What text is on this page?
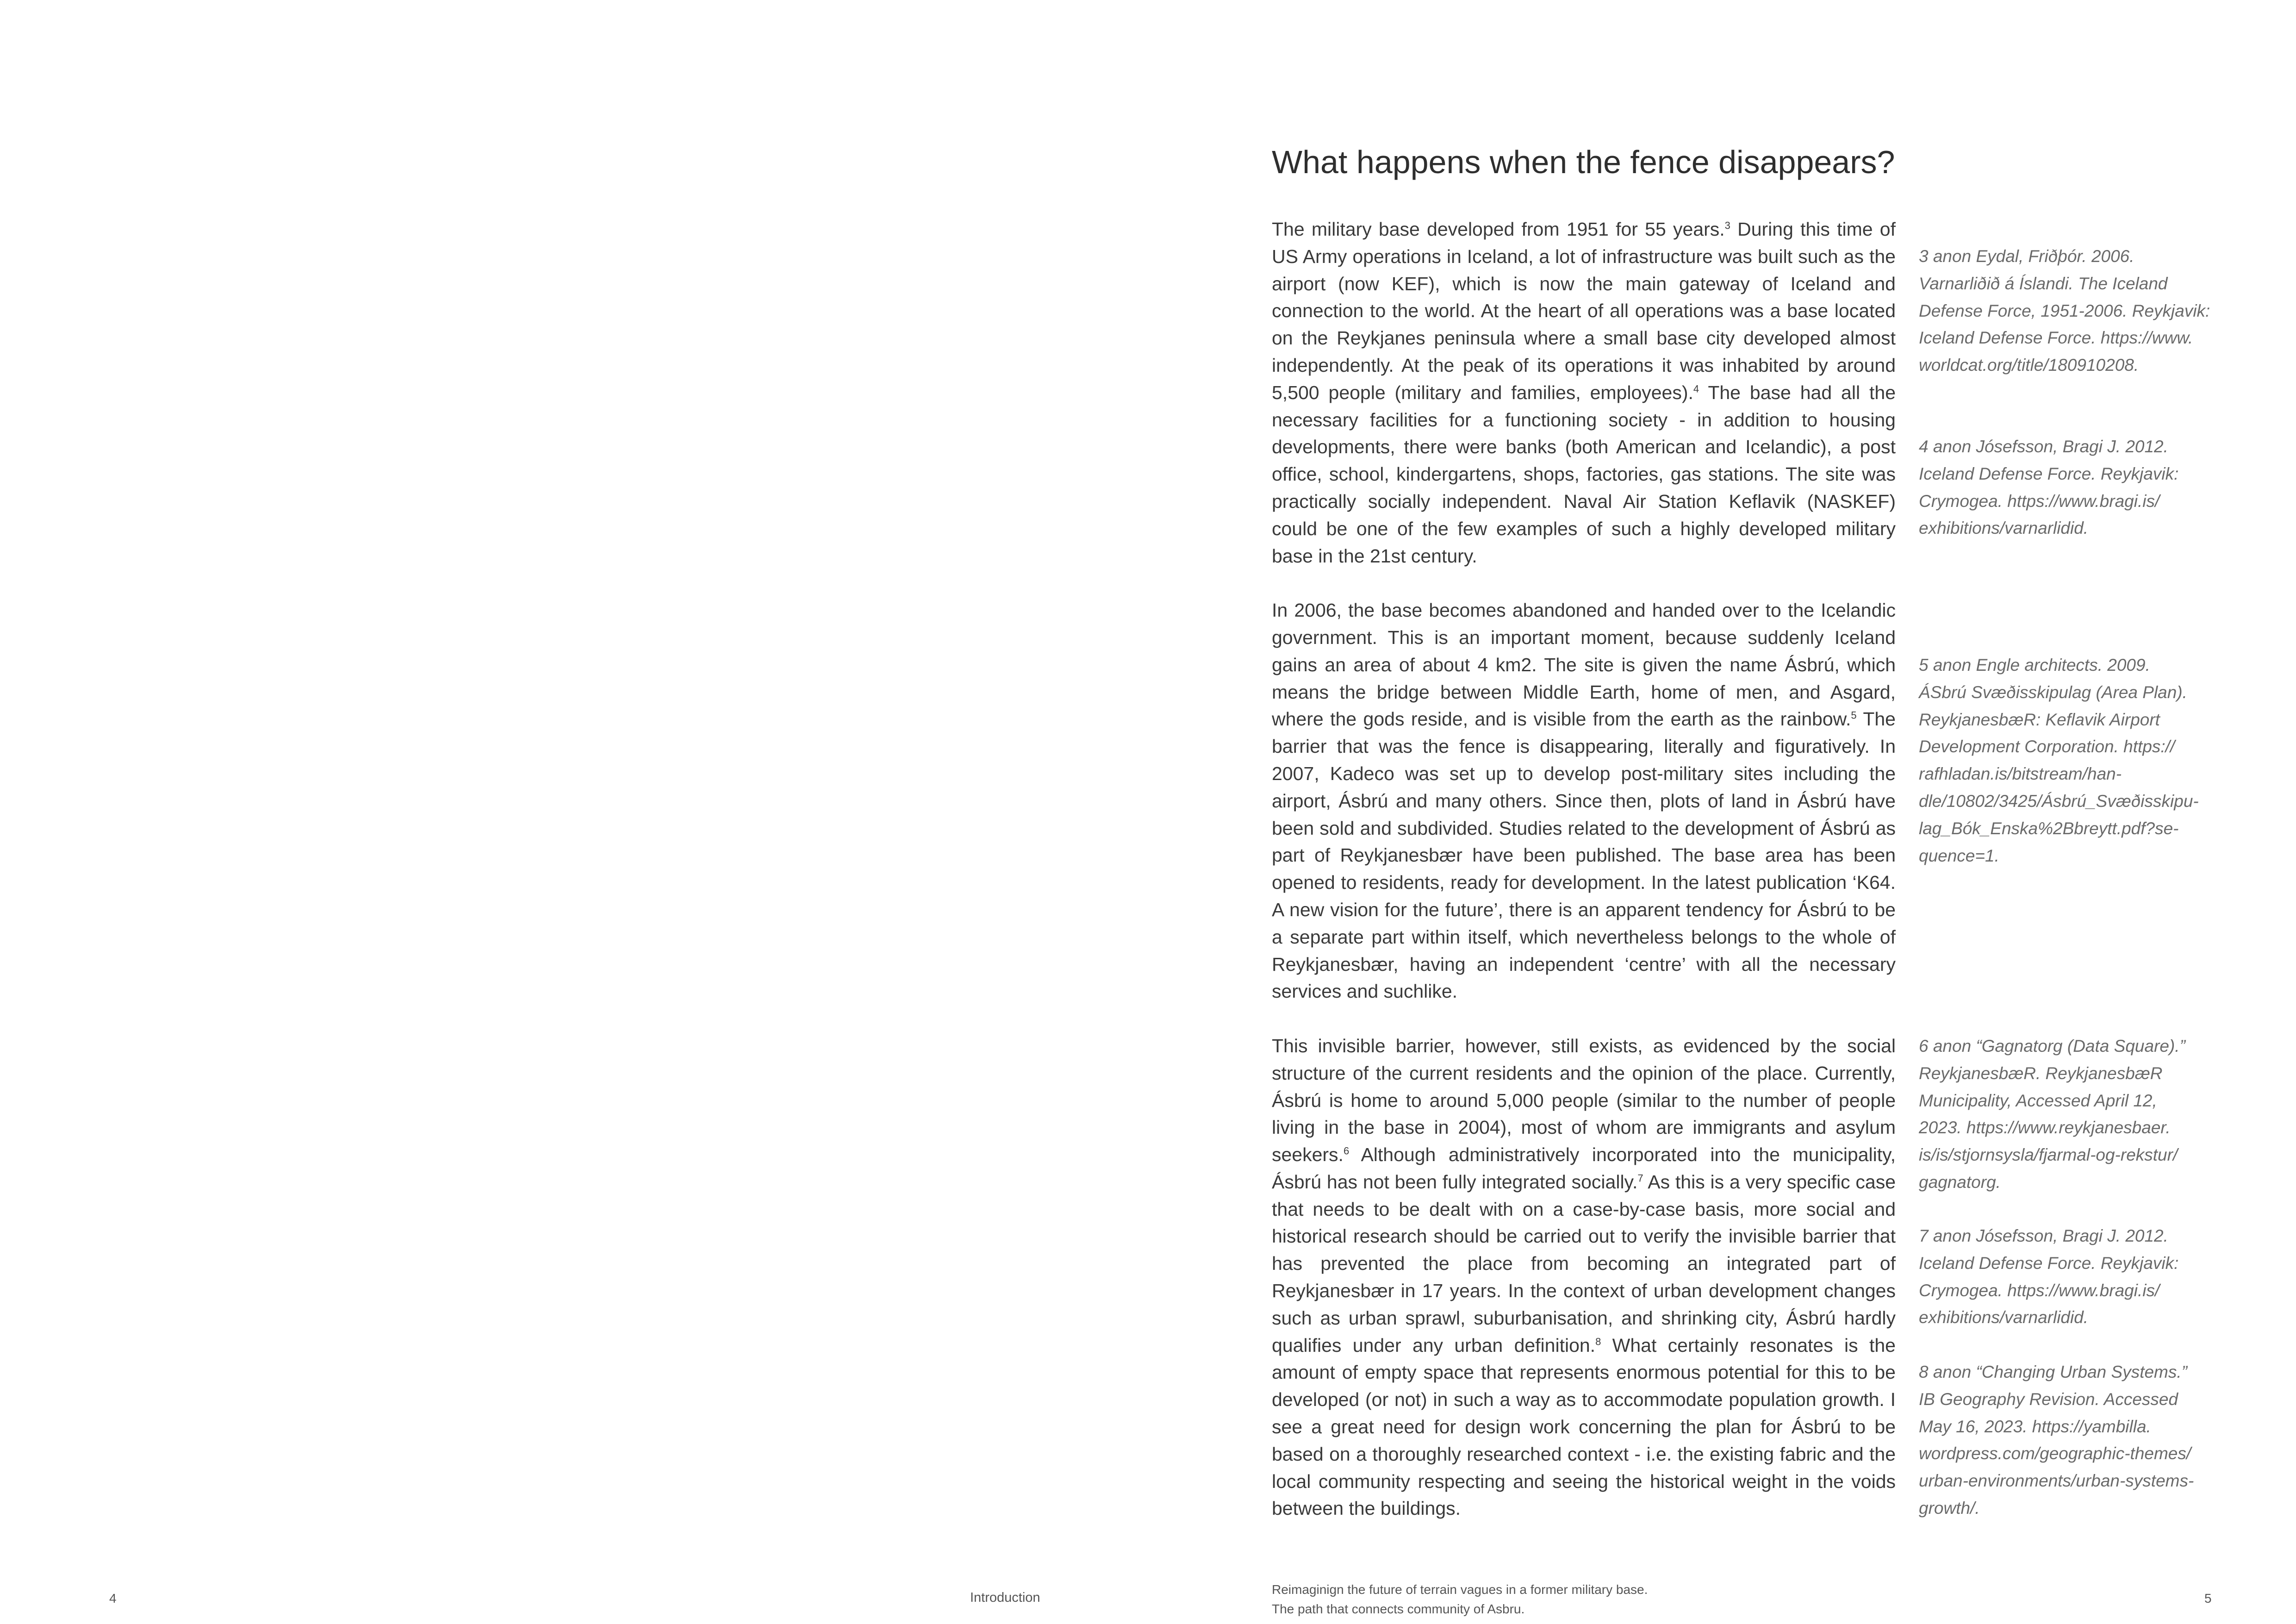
What happens when the fence disappears?

The military base developed from 1951 for 55 years.$^3$ During this time of US Army operations in Iceland, a lot of infrastructure was built such as the airport (now KEF), which is now the main gateway of Iceland and connection to the world. At the heart of all operations was a base located on the Reykjanes peninsula where a small base city developed almost independently. At the peak of its operations it was inhabited by around 5,500 people (military and families, employees).$^4$ The base had all the necessary facilities for a functioning society - in addition to housing developments, there were banks (both American and Icelandic), a post office, school, kindergartens, shops, factories, gas stations. The site was practically socially independent. Naval Air Station Keflavik (NASKEF) could be one of the few examples of such a highly developed military base in the 21st century.

In 2006, the base becomes abandoned and handed over to the Icelandic government. This is an important moment, because suddenly Iceland gains an area of about 4 km2. The site is given the name Ásbrú, which means the bridge between Middle Earth, home of men, and Asgard, where the gods reside, and is visible from the earth as the rainbow.$^5$ The barrier that was the fence is disappearing, literally and figuratively. In 2007, Kadeco was set up to develop post-military sites including the airport, Ásbrú and many others. Since then, plots of land in Ásbrú have been sold and subdivided. Studies related to the development of Ásbrú as part of Reykjanesbær have been published. The base area has been opened to residents, ready for development. In the latest publication ‘K64. A new vision for the future’, there is an apparent tendency for Ásbrú to be a separate part within itself, which nevertheless belongs to the whole of Reykjanesbær, having an independent ‘centre’ with all the necessary services and suchlike.

This invisible barrier, however, still exists, as evidenced by the social structure of the current residents and the opinion of the place. Currently, Ásbrú is home to around 5,000 people (similar to the number of people living in the base in 2004), most of whom are immigrants and asylum seekers.$^6$ Although administratively incorporated into the municipality, Ásbrú has not been fully integrated socially.$^7$ As this is a very specific case that needs to be dealt with on a case-by-case basis, more social and historical research should be carried out to verify the invisible barrier that has prevented the place from becoming an integrated part of Reykjanesbær in 17 years. In the context of urban development changes such as urban sprawl, suburbanisation, and shrinking city, Ásbrú hardly qualifies under any urban definition.$^8$ What certainly resonates is the amount of empty space that represents enormous potential for this to be developed (or not) in such a way as to accommodate population growth. I see a great need for design work concerning the plan for Ásbrú to be based on a thoroughly researched context - i.e. the existing fabric and the local community respecting and seeing the historical weight in the voids between the buildings.

3 anon Eydal, Friðþór. 2006.
Varnarliðið á Íslandi. The Iceland
Defense Force, 1951-2006. Reykjavik:
Iceland Defense Force. https://www.
worldcat.org/title/180910208.
4 anon Jósefsson, Bragi J. 2012.
Iceland Defense Force. Reykjavik:
Crymogea. https://www.bragi.is/
exhibitions/varnarlidid.
5 anon Engle architects. 2009.
ÁSbrú Svæðisskipulag (Area Plan).
ReykjanesbæR: Keflavik Airport
Development Corporation. https://
rafhladan.is/bitstream/han-
dle/10802/3425/Ásbrú_Svæðisskipu-
lag_Bók_Enska%2Bbreytt.pdf?se-
quence=1.
6 anon “Gagnatorg (Data Square).”
ReykjanesbæR. ReykjanesbæR
Municipality, Accessed April 12,
2023. https://www.reykjanesbaer.
is/is/stjornsysla/fjarmal-og-rekstur/
gagnatorg.
7 anon Jósefsson, Bragi J. 2012.
Iceland Defense Force. Reykjavik:
Crymogea. https://www.bragi.is/
exhibitions/varnarlidid.
8 anon “Changing Urban Systems.”
IB Geography Revision. Accessed
May 16, 2023. https://yambilla.
wordpress.com/geographic-themes/
urban-environments/urban-systems-
growth/.
4	Introduction
Reimaginign the future of terrain vagues in a former military base.
The path that connects community of Asbru.
5
